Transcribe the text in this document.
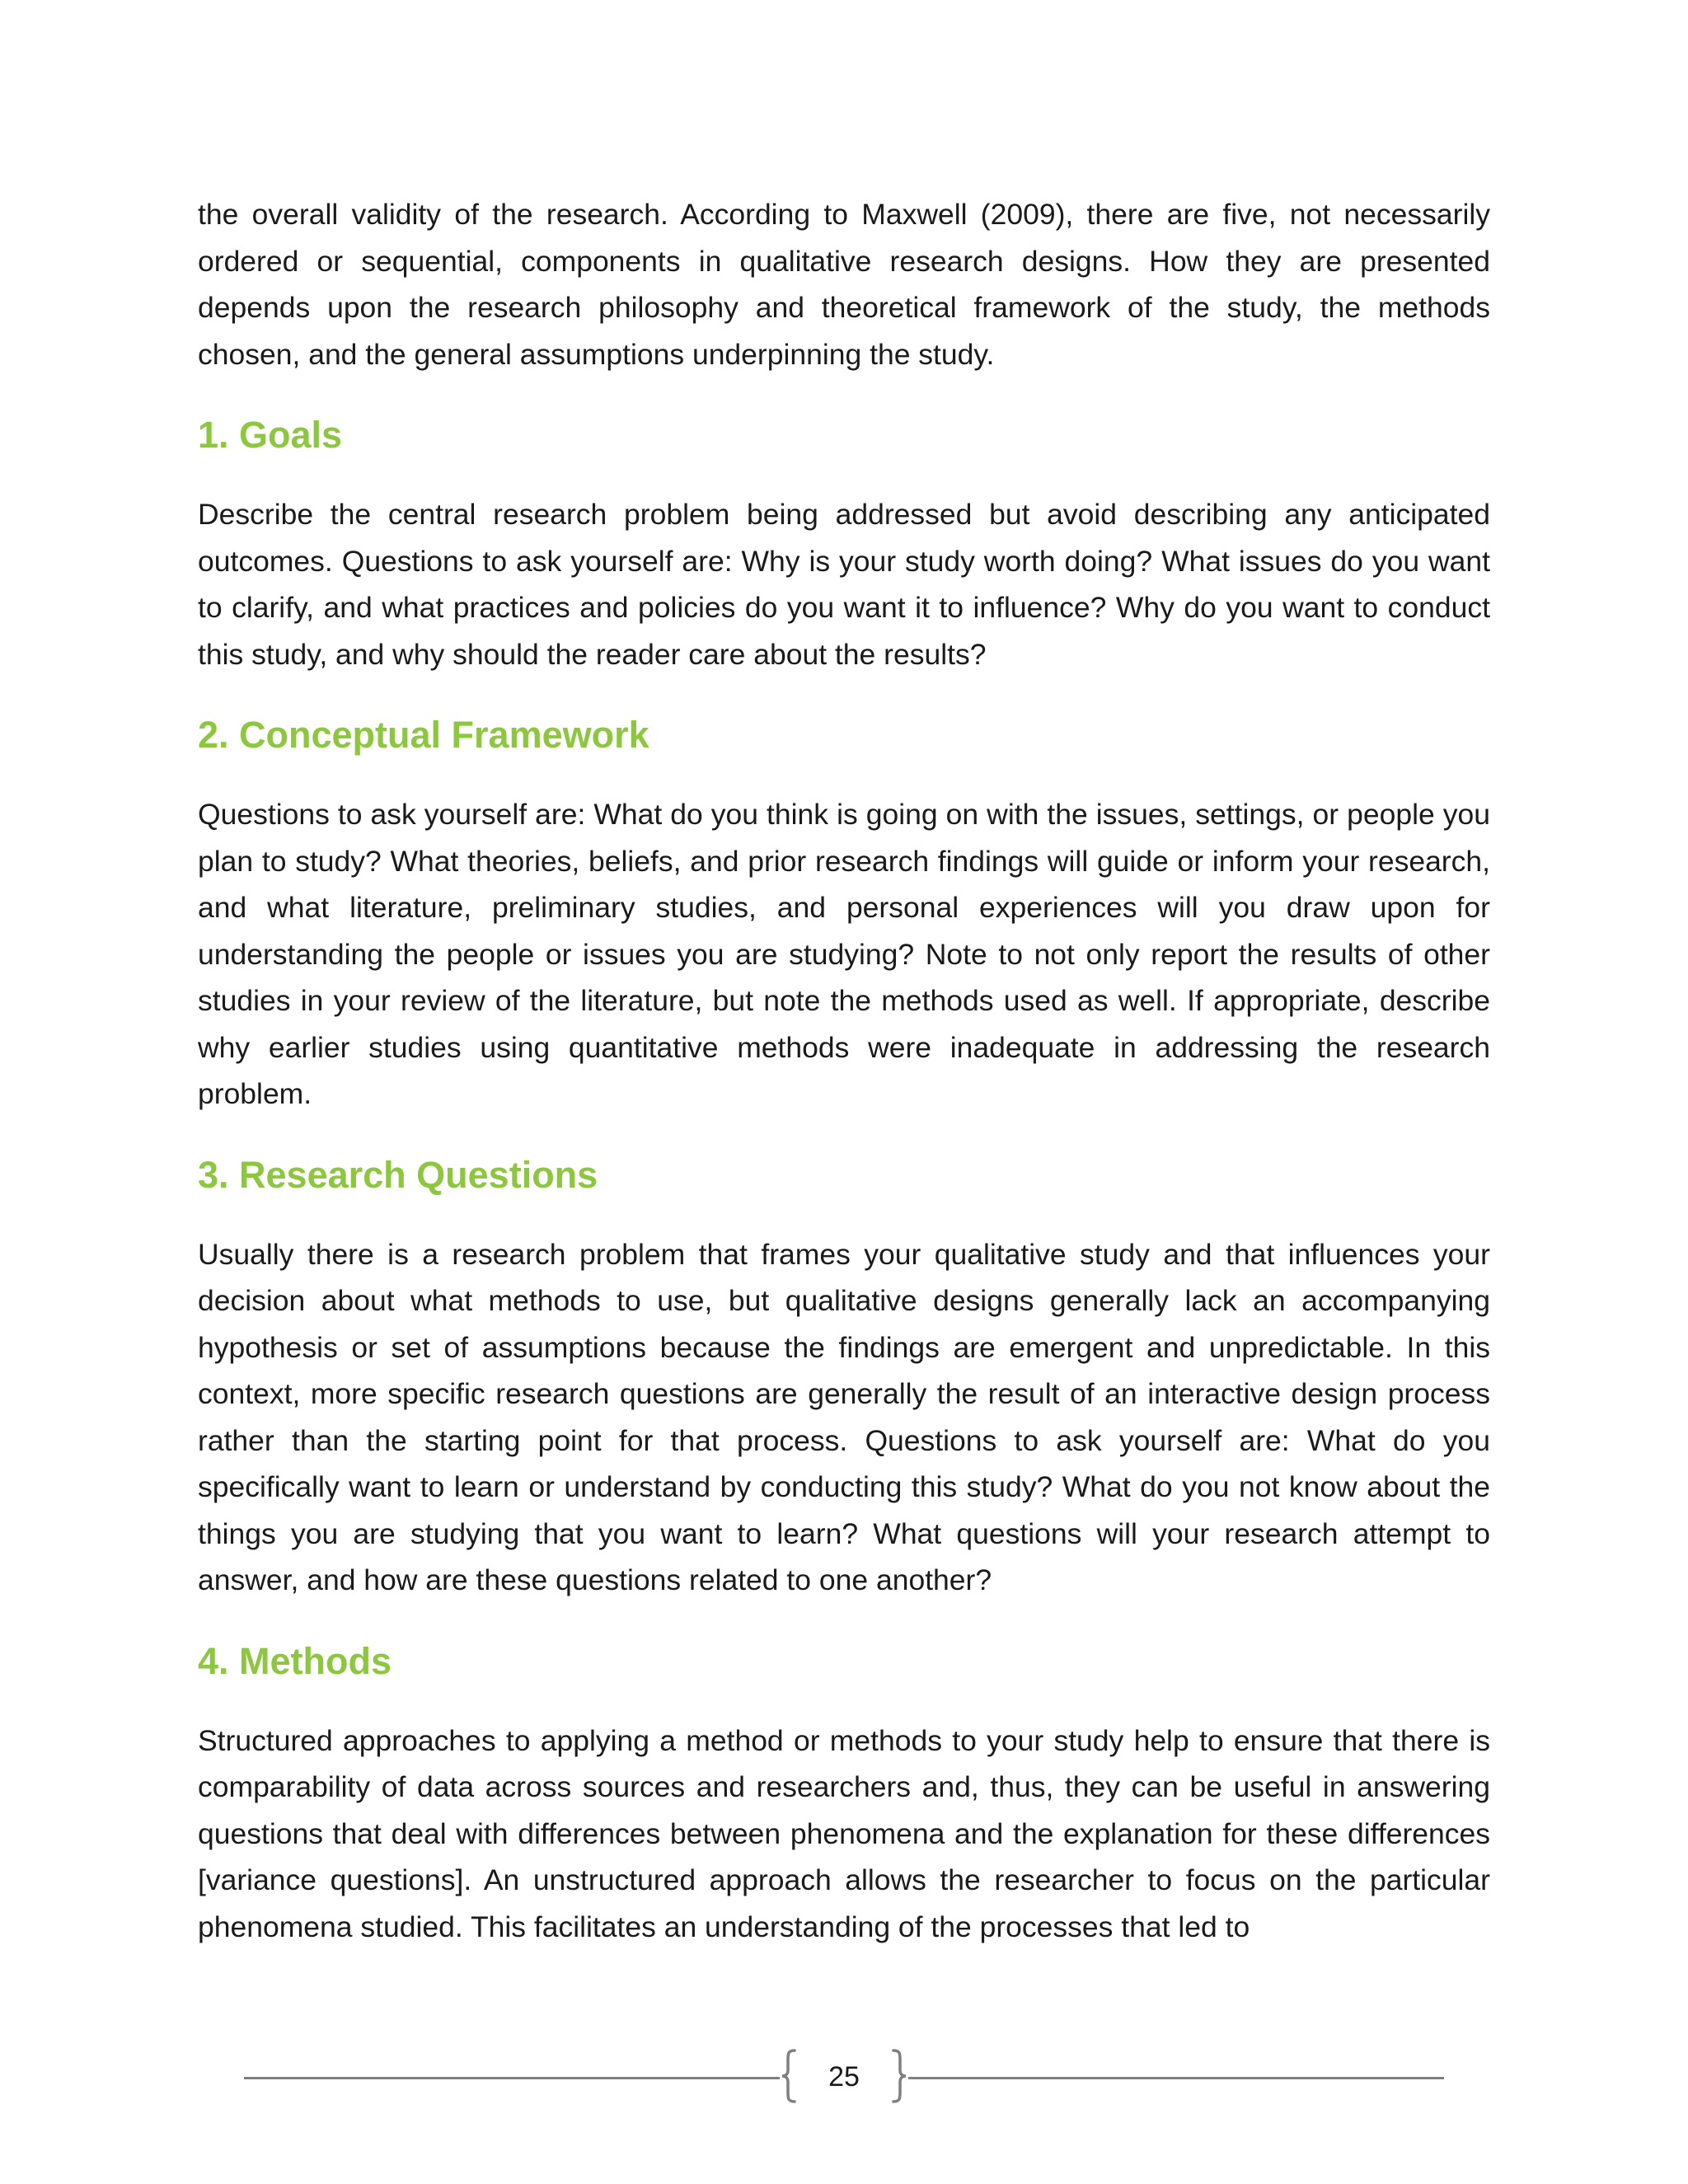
the overall validity of the research. According to Maxwell (2009), there are five, not necessarily ordered or sequential, components in qualitative research designs. How they are presented depends upon the research philosophy and theoretical framework of the study, the methods chosen, and the general assumptions underpinning the study.

1. Goals

Describe the central research problem being addressed but avoid describing any anticipated outcomes. Questions to ask yourself are: Why is your study worth doing? What issues do you want to clarify, and what practices and policies do you want it to influence? Why do you want to conduct this study, and why should the reader care about the results?

2. Conceptual Framework

Questions to ask yourself are: What do you think is going on with the issues, settings, or people you plan to study? What theories, beliefs, and prior research findings will guide or inform your research, and what literature, preliminary studies, and personal experiences will you draw upon for understanding the people or issues you are studying? Note to not only report the results of other studies in your review of the literature, but note the methods used as well. If appropriate, describe why earlier studies using quantitative methods were inadequate in addressing the research problem.

3. Research Questions

Usually there is a research problem that frames your qualitative study and that influences your decision about what methods to use, but qualitative designs generally lack an accompanying hypothesis or set of assumptions because the findings are emergent and unpredictable. In this context, more specific research questions are generally the result of an interactive design process rather than the starting point for that process. Questions to ask yourself are: What do you specifically want to learn or understand by conducting this study? What do you not know about the things you are studying that you want to learn? What questions will your research attempt to answer, and how are these questions related to one another?

4. Methods

Structured approaches to applying a method or methods to your study help to ensure that there is comparability of data across sources and researchers and, thus, they can be useful in answering questions that deal with differences between phenomena and the explanation for these differences [variance questions]. An unstructured approach allows the researcher to focus on the particular phenomena studied. This facilitates an understanding of the processes that led to

25
